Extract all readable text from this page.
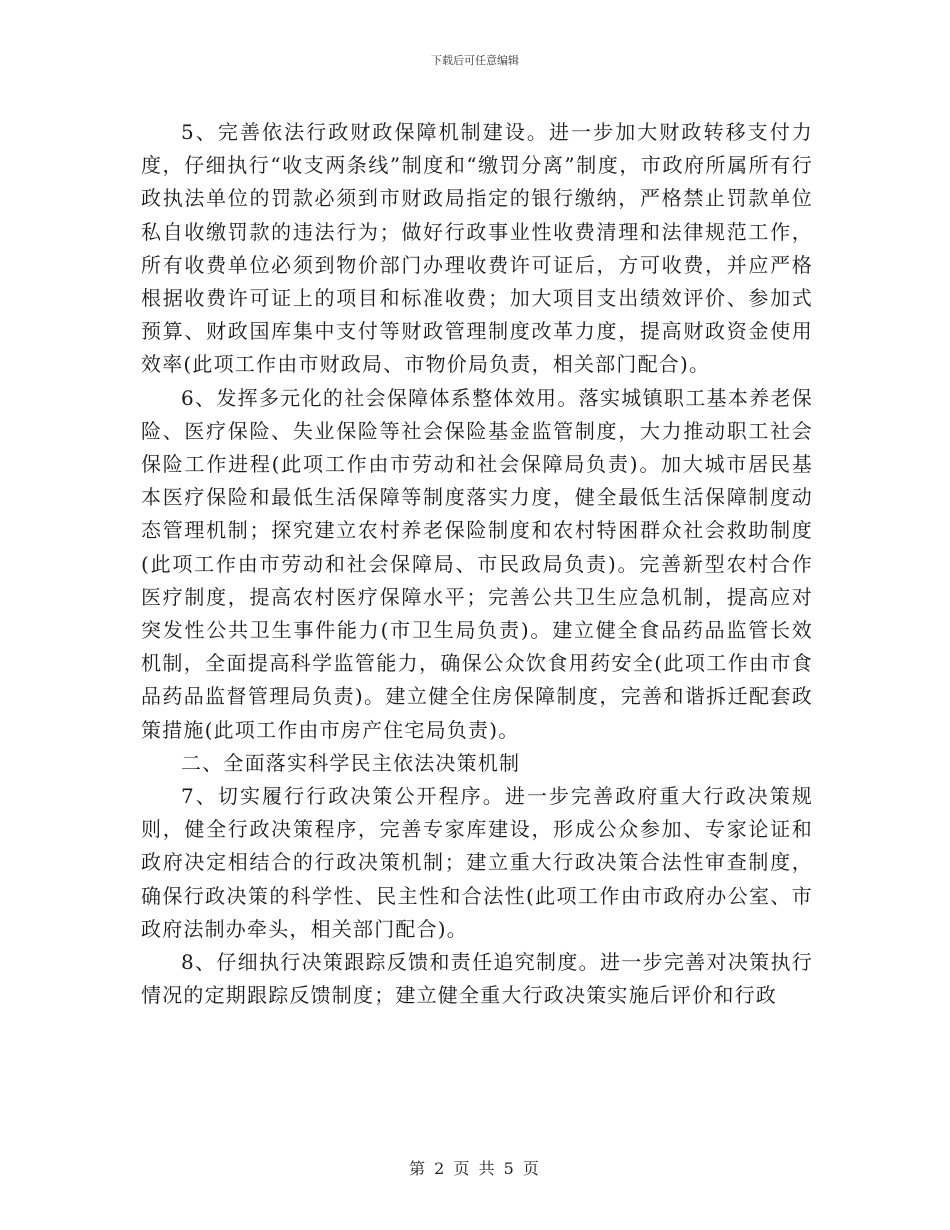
下载后可任意编辑

5、完善依法行政财政保障机制建设。进一步加大财政转移支付力度，仔细执行“收支两条线”制度和“缴罚分离”制度，市政府所属所有行政执法单位的罚款必须到市财政局指定的银行缴纳，严格禁止罚款单位私自收缴罚款的违法行为；做好行政事业性收费清理和法律规范工作，所有收费单位必须到物价部门办理收费许可证后，方可收费，并应严格根据收费许可证上的项目和标准收费；加大项目支出绩效评价、参加式预算、财政国库集中支付等财政管理制度改革力度，提高财政资金使用效率(此项工作由市财政局、市物价局负责，相关部门配合)。

6、发挥多元化的社会保障体系整体效用。落实城镇职工基本养老保险、医疗保险、失业保险等社会保险基金监管制度，大力推动职工社会保险工作进程(此项工作由市劳动和社会保障局负责)。加大城市居民基本医疗保险和最低生活保障等制度落实力度，健全最低生活保障制度动态管理机制；探究建立农村养老保险制度和农村特困群众社会救助制度(此项工作由市劳动和社会保障局、市民政局负责)。完善新型农村合作医疗制度，提高农村医疗保障水平；完善公共卫生应急机制，提高应对突发性公共卫生事件能力(市卫生局负责)。建立健全食品药品监管长效机制，全面提高科学监管能力，确保公众饮食用药安全(此项工作由市食品药品监督管理局负责)。建立健全住房保障制度，完善和谐拆迁配套政策措施(此项工作由市房产住宅局负责)。

二、全面落实科学民主依法决策机制

7、切实履行行政决策公开程序。进一步完善政府重大行政决策规则，健全行政决策程序，完善专家库建设，形成公众参加、专家论证和政府决定相结合的行政决策机制；建立重大行政决策合法性审查制度，确保行政决策的科学性、民主性和合法性(此项工作由市政府办公室、市政府法制办牵头，相关部门配合)。

8、仔细执行决策跟踪反馈和责任追究制度。进一步完善对决策执行情况的定期跟踪反馈制度；建立健全重大行政决策实施后评价和行政

第 2 页 共 5 页
